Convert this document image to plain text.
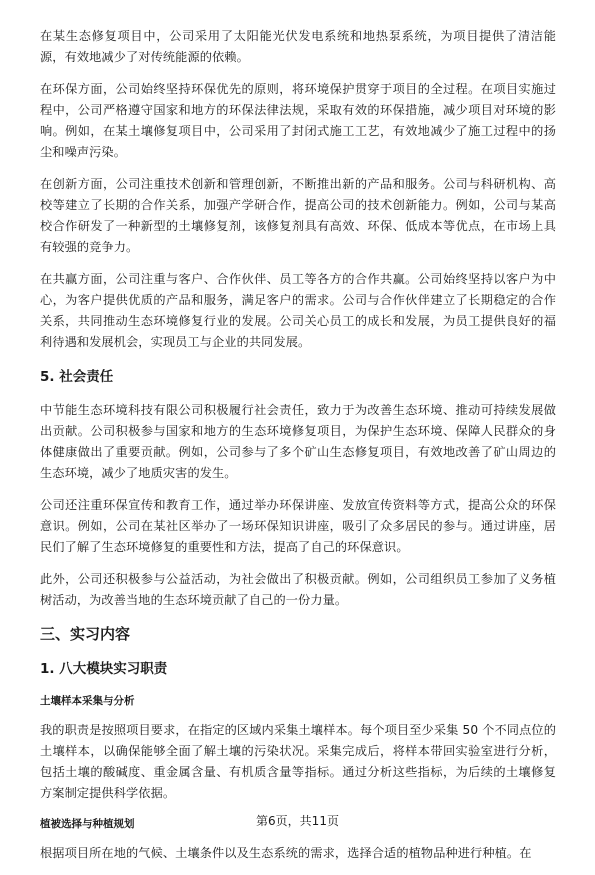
在某生态修复项目中，公司采用了太阳能光伏发电系统和地热泵系统，为项目提供了清洁能源，有效地减少了对传统能源的依赖。

在环保方面，公司始终坚持环保优先的原则，将环境保护贯穿于项目的全过程。在项目实施过程中，公司严格遵守国家和地方的环保法律法规，采取有效的环保措施，减少项目对环境的影响。例如，在某土壤修复项目中，公司采用了封闭式施工工艺，有效地减少了施工过程中的扬尘和噪声污染。

在创新方面，公司注重技术创新和管理创新，不断推出新的产品和服务。公司与科研机构、高校等建立了长期的合作关系，加强产学研合作，提高公司的技术创新能力。例如，公司与某高校合作研发了一种新型的土壤修复剂，该修复剂具有高效、环保、低成本等优点，在市场上具有较强的竞争力。

在共赢方面，公司注重与客户、合作伙伴、员工等各方的合作共赢。公司始终坚持以客户为中心，为客户提供优质的产品和服务，满足客户的需求。公司与合作伙伴建立了长期稳定的合作关系，共同推动生态环境修复行业的发展。公司关心员工的成长和发展，为员工提供良好的福利待遇和发展机会，实现员工与企业的共同发展。

5. 社会责任

中节能生态环境科技有限公司积极履行社会责任，致力于为改善生态环境、推动可持续发展做出贡献。公司积极参与国家和地方的生态环境修复项目，为保护生态环境、保障人民群众的身体健康做出了重要贡献。例如，公司参与了多个矿山生态修复项目，有效地改善了矿山周边的生态环境，减少了地质灾害的发生。

公司还注重环保宣传和教育工作，通过举办环保讲座、发放宣传资料等方式，提高公众的环保意识。例如，公司在某社区举办了一场环保知识讲座，吸引了众多居民的参与。通过讲座，居民们了解了生态环境修复的重要性和方法，提高了自己的环保意识。

此外，公司还积极参与公益活动，为社会做出了积极贡献。例如，公司组织员工参加了义务植树活动，为改善当地的生态环境贡献了自己的一份力量。

三、实习内容
1. 八大模块实习职责
土壤样本采集与分析

我的职责是按照项目要求，在指定的区域内采集土壤样本。每个项目至少采集 50 个不同点位的土壤样本，以确保能够全面了解土壤的污染状况。采集完成后，将样本带回实验室进行分析，包括土壤的酸碱度、重金属含量、有机质含量等指标。通过分析这些指标，为后续的土壤修复方案制定提供科学依据。

植被选择与种植规划

根据项目所在地的气候、土壤条件以及生态系统的需求，选择合适的植物品种进行种植。在

第6页，共11页
